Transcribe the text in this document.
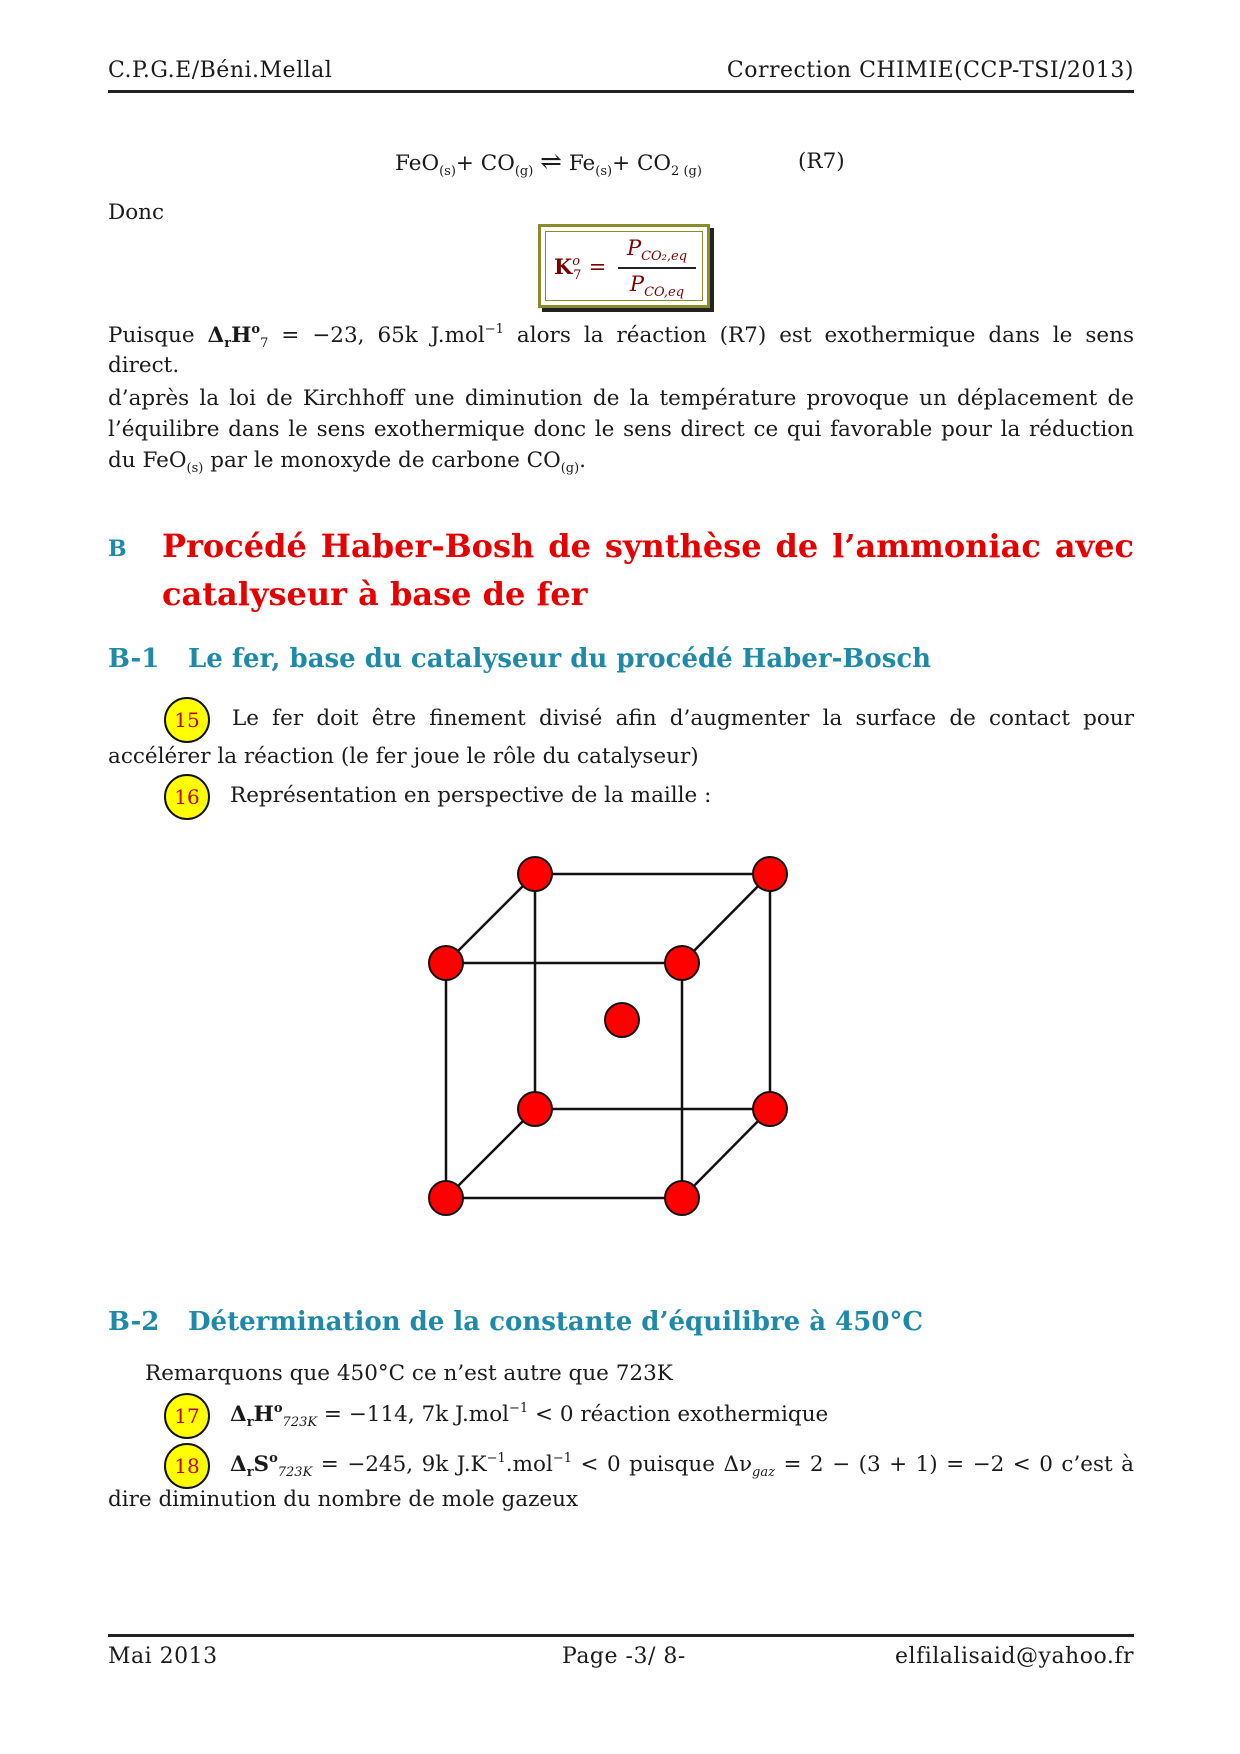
C.P.G.E/Béni.Mellal	Correction CHIMIE(CCP-TSI/2013)
$FeO_{(s)}+ CO_{(g)}$ ⇌ $Fe_{(s)}+ CO_{2 (g)}$	(R7)
Donc
$K^o_7$ =
$P_{CO_2,eq}$
$P_{CO,eq}$
Puisque $\Delta_rH^o_7 = -23$, 65k J.mol$^{-1}$ alors la réaction (R7) est exothermique dans le sens
direct.
d’après la loi de Kirchhoff une diminution de la température provoque un déplacement de
l’équilibre dans le sens exothermique donc le sens direct ce qui favorable pour la réduction
du FeO$_{(s)}$ par le monoxyde de carbone $CO_{(g)}$.
B Procédé Haber-Bosh de synthèse de l’ammoniac avec
catalyseur à base de fer
B-1 Le fer, base du catalyseur du procédé Haber-Bosch
15	Le fer doit être finement divisé afin d’augmenter la surface de contact pour
accélérer la réaction (le fer joue le rôle du catalyseur)
16	Représentation en perspective de la maille :
B-2 Détermination de la constante d’équilibre à 450°C
Remarquons que 450°C ce n’est autre que 723K
17	$\Delta_rH^o_{723K} = -114$, 7k J.mol$^{-1}$ < 0 réaction exothermique
18	$\Delta_rS^o_{723K} = -245$, 9k $J.K^{-1}.mol^{-1} < 0$ puisque $\Delta\nu_{gaz} = 2 - (3 + 1) = -2 < 0$ c’est à
dire diminution du nombre de mole gazeux
Mai 2013	Page -3/ 8-	elfilalisaid@yahoo.fr
